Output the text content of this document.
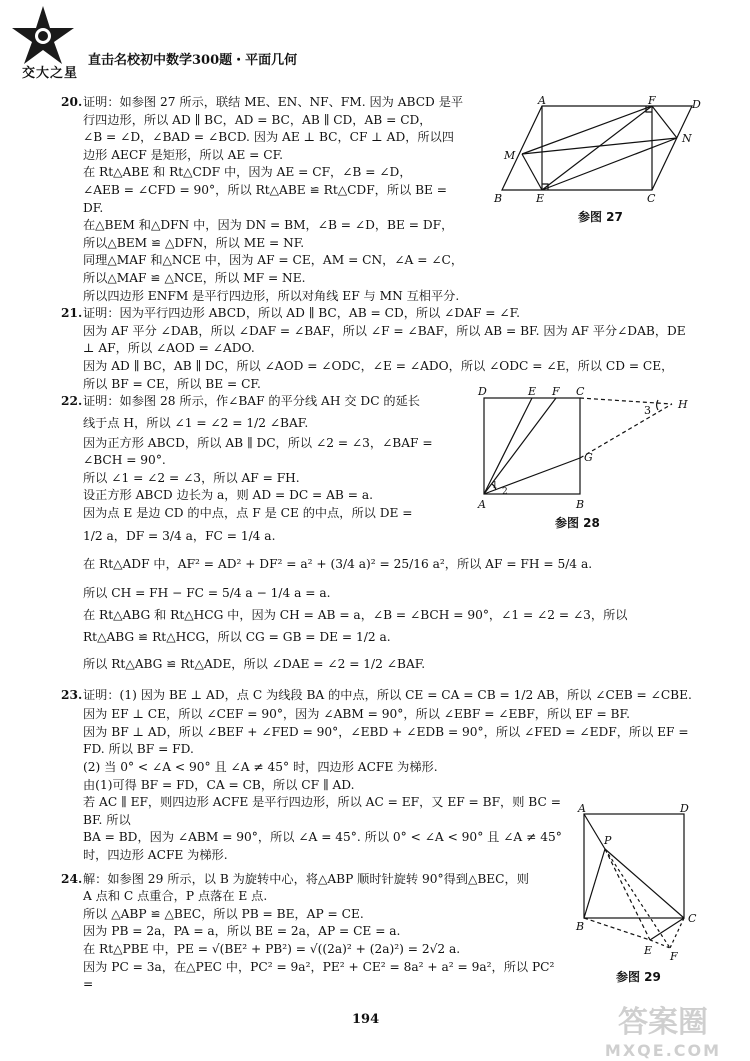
交大之星
直击名校初中数学300题・平面几何
A	F	D
M
N
B	E	C
参图 27
D	E F C
H
3
G
1
2
A	B
参图 28
A	D
P
C
B
E F
参图 29

20.证明：如参图 27 所示，联结 ME、EN、NF、FM. 因为 ABCD 是平

行四边形，所以 AD ∥ BC，AD = BC，AB ∥ CD，AB = CD，

∠B = ∠D，∠BAD = ∠BCD. 因为 AE ⊥ BC，CF ⊥ AD，所以四

边形 AECF 是矩形，所以 AE = CF.

在 Rt△ABE 和 Rt△CDF 中，因为 AE = CF，∠B = ∠D，

∠AEB = ∠CFD = 90°，所以 Rt△ABE ≌ Rt△CDF，所以 BE =

DF.

在△BEM 和△DFN 中，因为 DN = BM，∠B = ∠D，BE = DF，

所以△BEM ≌ △DFN，所以 ME = NF.

同理△MAF 和△NCE 中，因为 AF = CE，AM = CN，∠A = ∠C，

所以△MAF ≌ △NCE，所以 MF = NE.

所以四边形 ENFM 是平行四边形，所以对角线 EF 与 MN 互相平分.

21.证明：因为平行四边形 ABCD，所以 AD ∥ BC，AB = CD，所以 ∠DAF = ∠F.

因为 AF 平分 ∠DAB，所以 ∠DAF = ∠BAF，所以 ∠F = ∠BAF，所以 AB = BF. 因为 AF 平分∠DAB，DE

⊥ AF，所以 ∠AOD = ∠ADO.

因为 AD ∥ BC，AB ∥ DC，所以 ∠AOD = ∠ODC，∠E = ∠ADO，所以 ∠ODC = ∠E，所以 CD = CE，

所以 BF = CE，所以 BE = CF.

22.证明：如参图 28 所示，作∠BAF 的平分线 AH 交 DC 的延长

线于点 H，所以 ∠1 = ∠2 = 1/2 ∠BAF.

因为正方形 ABCD，所以 AB ∥ DC，所以 ∠2 = ∠3，∠BAF =

∠BCH = 90°.

所以 ∠1 = ∠2 = ∠3，所以 AF = FH.

设正方形 ABCD 边长为 a，则 AD = DC = AB = a.

因为点 E 是边 CD 的中点，点 F 是 CE 的中点，所以 DE =

1/2 a，DF = 3/4 a，FC = 1/4 a.

在 Rt△ADF 中，AF² = AD² + DF² = a² + (3/4 a)² = 25/16 a²，所以 AF = FH = 5/4 a.

所以 CH = FH − FC = 5/4 a − 1/4 a = a.

在 Rt△ABG 和 Rt△HCG 中，因为 CH = AB = a，∠B = ∠BCH = 90°，∠1 = ∠2 = ∠3，所以

Rt△ABG ≌ Rt△HCG，所以 CG = GB = DE = 1/2 a.

所以 Rt△ABG ≌ Rt△ADE，所以 ∠DAE = ∠2 = 1/2 ∠BAF.

23.证明：(1) 因为 BE ⊥ AD，点 C 为线段 BA 的中点，所以 CE = CA = CB = 1/2 AB，所以 ∠CEB = ∠CBE.

因为 EF ⊥ CE，所以 ∠CEF = 90°，因为 ∠ABM = 90°，所以 ∠EBF = ∠EBF，所以 EF = BF.

因为 BF ⊥ AD，所以 ∠BEF + ∠FED = 90°，∠EBD + ∠EDB = 90°，所以 ∠FED = ∠EDF，所以 EF =

FD. 所以 BF = FD.

(2) 当 0° < ∠A < 90° 且 ∠A ≠ 45° 时，四边形 ACFE 为梯形.

由(1)可得 BF = FD，CA = CB，所以 CF ∥ AD.

若 AC ∥ EF，则四边形 ACFE 是平行四边形，所以 AC = EF，又 EF = BF，则 BC = BF. 所以

BA = BD，因为 ∠ABM = 90°，所以 ∠A = 45°. 所以 0° < ∠A < 90° 且 ∠A ≠ 45°

时，四边形 ACFE 为梯形.

24.解：如参图 29 所示，以 B 为旋转中心，将△ABP 顺时针旋转 90°得到△BEC，则

A 点和 C 点重合，P 点落在 E 点.

所以 △ABP ≌ △BEC，所以 PB = BE，AP = CE.

因为 PB = 2a，PA = a，所以 BE = 2a，AP = CE = a.

在 Rt△PBE 中，PE = √(BE² + PB²) = √((2a)² + (2a)²) = 2√2 a.

因为 PC = 3a，在△PEC 中，PC² = 9a²，PE² + CE² = 8a² + a² = 9a²，所以 PC² =

194	答案圈
MXQE.COM
